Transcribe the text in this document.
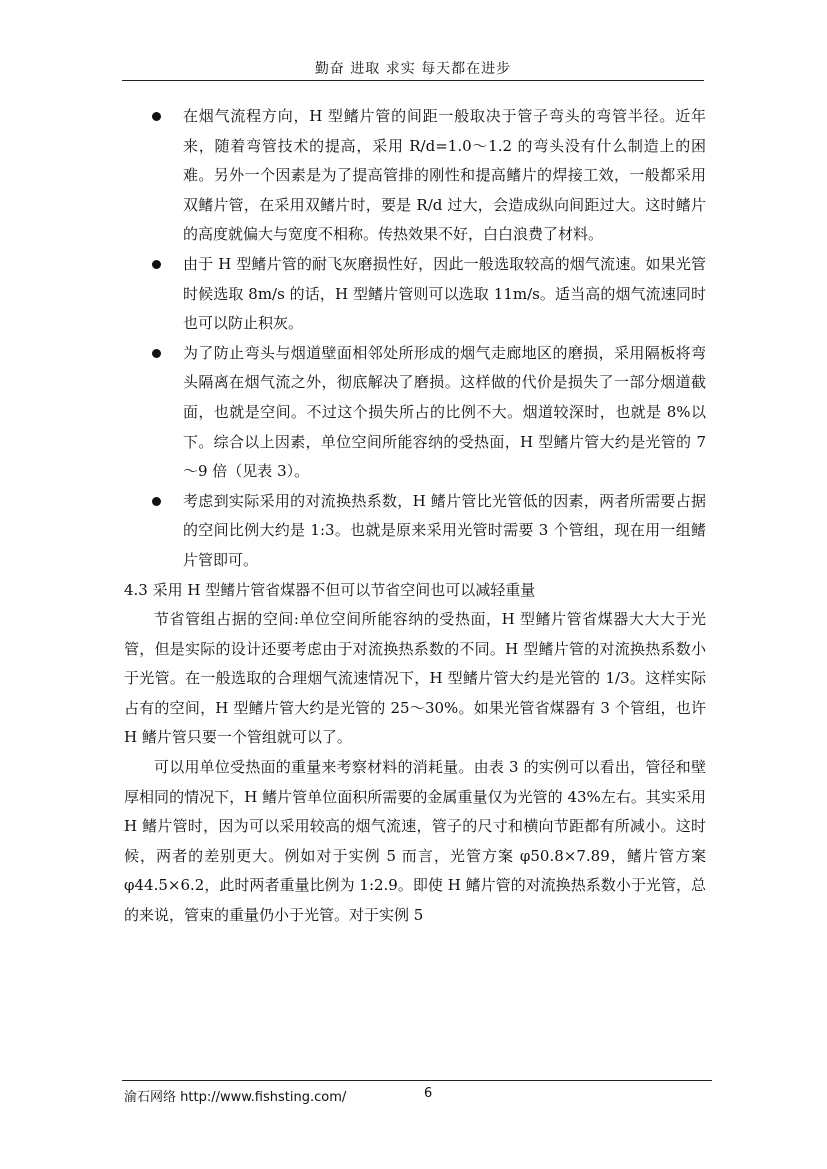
勤奋 进取 求实 每天都在进步

在烟气流程方向，H 型鳍片管的间距一般取决于管子弯头的弯管半径。近年来，随着弯管技术的提高，采用 R/d=1.0～1.2 的弯头没有什么制造上的困难。另外一个因素是为了提高管排的刚性和提高鳍片的焊接工效，一般都采用双鳍片管，在采用双鳍片时，要是 R/d 过大，会造成纵向间距过大。这时鳍片的高度就偏大与宽度不相称。传热效果不好，白白浪费了材料。

由于 H 型鳍片管的耐飞灰磨损性好，因此一般选取较高的烟气流速。如果光管时候选取 8m/s 的话，H 型鳍片管则可以选取 11m/s。适当高的烟气流速同时也可以防止积灰。

为了防止弯头与烟道壁面相邻处所形成的烟气走廊地区的磨损，采用隔板将弯头隔离在烟气流之外，彻底解决了磨损。这样做的代价是损失了一部分烟道截面，也就是空间。不过这个损失所占的比例不大。烟道较深时，也就是 8%以下。综合以上因素，单位空间所能容纳的受热面，H 型鳍片管大约是光管的 7～9 倍（见表 3）。

考虑到实际采用的对流换热系数，H 鳍片管比光管低的因素，两者所需要占据的空间比例大约是 1:3。也就是原来采用光管时需要 3 个管组，现在用一组鳍片管即可。

4.3 采用 H 型鳍片管省煤器不但可以节省空间也可以减轻重量

节省管组占据的空间:单位空间所能容纳的受热面，H 型鳍片管省煤器大大大于光管，但是实际的设计还要考虑由于对流换热系数的不同。H 型鳍片管的对流换热系数小于光管。在一般选取的合理烟气流速情况下，H 型鳍片管大约是光管的 1/3。这样实际占有的空间，H 型鳍片管大约是光管的 25～30%。如果光管省煤器有 3 个管组，也许 H 鳍片管只要一个管组就可以了。

可以用单位受热面的重量来考察材料的消耗量。由表 3 的实例可以看出，管径和壁厚相同的情况下，H 鳍片管单位面积所需要的金属重量仅为光管的 43%左右。其实采用 H 鳍片管时，因为可以采用较高的烟气流速，管子的尺寸和横向节距都有所减小。这时候，两者的差别更大。例如对于实例 5 而言，光管方案 φ50.8×7.89，鳍片管方案 φ44.5×6.2，此时两者重量比例为 1:2.9。即使 H 鳍片管的对流换热系数小于光管，总的来说，管束的重量仍小于光管。对于实例 5

渝石网络 http://www.fishsting.com/	6
